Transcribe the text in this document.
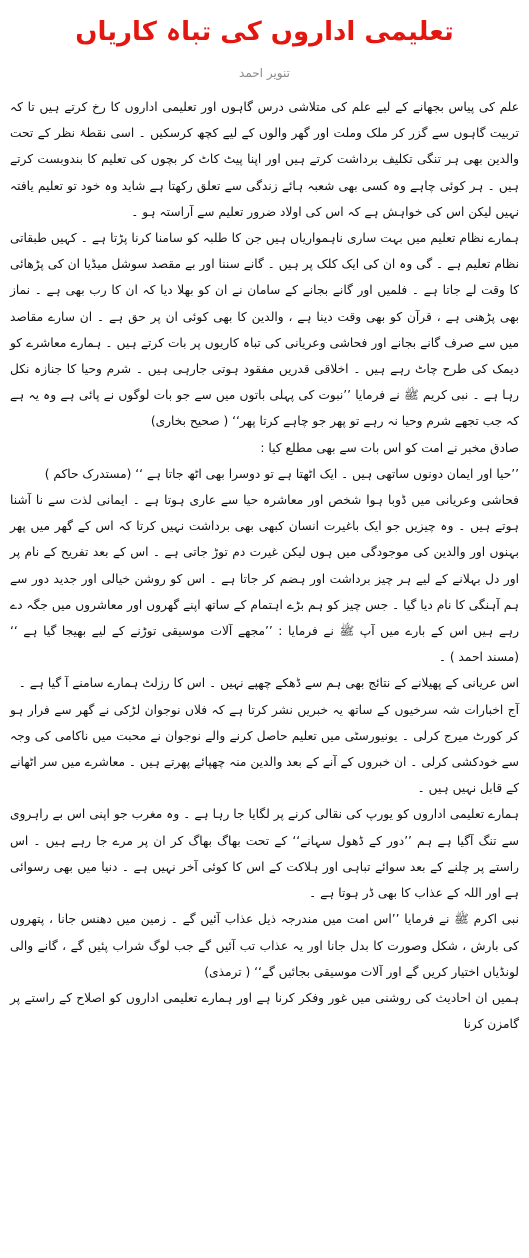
تعلیمی اداروں کی تباہ کاریاں
تنویر احمد

علم کی پیاس بجھانے کے لیے علم کی متلاشی درس گاہوں اور تعلیمی اداروں کا رخ کرتے ہیں تا کہ تربیت گاہوں سے گزر کر ملک وملت اور گھر والوں کے لیے کچھ کرسکیں ۔ اسی نقطۂ نظر کے تحت والدین بھی ہر تنگی تکلیف برداشت کرتے ہیں اور اپنا پیٹ کاٹ کر بچوں کی تعلیم کا بندوبست کرتے ہیں ۔ ہر کوئی چاہے وہ کسی بھی شعبہ ہائے زندگی سے تعلق رکھتا ہے شاید وہ خود تو تعلیم یافتہ نہیں لیکن اس کی خواہش ہے کہ اس کی اولاد ضرور تعلیم سے آراستہ ہو ۔

ہمارے نظام تعلیم میں بہت ساری ناہمواریاں ہیں جن کا طلبہ کو سامنا کرنا پڑتا ہے ۔ کہیں طبقاتی نظام تعلیم ہے ۔ گی وہ ان کی ایک کلک پر ہیں ۔ گانے سننا اور بے مقصد سوشل میڈیا ان کی پڑھائی کا وقت لے جاتا ہے ۔ فلمیں اور گانے بجانے کے سامان نے ان کو بھلا دیا کہ ان کا رب بھی ہے ۔ نماز بھی پڑھنی ہے ، قرآن کو بھی وقت دینا ہے ، والدین کا بھی کوئی ان پر حق ہے ۔ ان سارے مقاصد میں سے صرف گانے بجانے اور فحاشی وعریانی کی تباہ کاریوں پر بات کرتے ہیں ۔ ہمارے معاشرے کو دیمک کی طرح چاٹ رہے ہیں ۔ اخلاقی قدریں مفقود ہوتی جارہی ہیں ۔ شرم وحیا کا جنازہ نکل رہا ہے ۔ نبی کریم ﷺ نے فرمایا ’’نبوت کی پہلی باتوں میں سے جو بات لوگوں نے پائی ہے وہ یہ ہے کہ جب تجھے شرم وحیا نہ رہے تو پھر جو چاہے کرتا پھر‘‘ ( صحیح بخاری)

صادق مخبر نے امت کو اس بات سے بھی مطلع کیا :

’’حیا اور ایمان دونوں ساتھی ہیں ۔ ایک اٹھتا ہے تو دوسرا بھی اٹھ جاتا ہے ‘‘ (مستدرک حاکم )

فحاشی وعریانی میں ڈوبا ہوا شخص اور معاشرہ حیا سے عاری ہوتا ہے ۔ ایمانی لذت سے نا آشنا ہوتے ہیں ۔ وہ چیزیں جو ایک باغیرت انسان کبھی بھی برداشت نہیں کرتا کہ اس کے گھر میں پھر بہنوں اور والدین کی موجودگی میں ہوں لیکن غیرت دم توڑ جاتی ہے ۔ اس کے بعد تفریح کے نام پر اور دل بہلانے کے لیے ہر چیز برداشت اور ہضم کر جاتا ہے ۔ اس کو روشن خیالی اور جدید دور سے ہم آہنگی کا نام دیا گیا ۔ جس چیز کو ہم بڑے اہتمام کے ساتھ اپنے گھروں اور معاشروں میں جگہ دے رہے ہیں اس کے بارے میں آپ ﷺ نے فرمایا : ’’مجھے آلات موسیقی توڑنے کے لیے بھیجا گیا ہے ‘‘ (مسند احمد ) ۔

اس عریانی کے پھیلانے کے نتائج بھی ہم سے ڈھکے چھپے نہیں ۔ اس کا رزلٹ ہمارے سامنے آ گیا ہے ۔

آج اخبارات شہ سرخیوں کے ساتھ یہ خبریں نشر کرتا ہے کہ فلاں نوجوان لڑکی نے گھر سے فرار ہو کر کورٹ میرج کرلی ۔ یونیورسٹی میں تعلیم حاصل کرنے والے نوجوان نے محبت میں ناکامی کی وجہ سے خودکشی کرلی ۔ ان خبروں کے آنے کے بعد والدین منہ چھپائے پھرتے ہیں ۔ معاشرے میں سر اٹھانے کے قابل نہیں ہیں ۔

ہمارے تعلیمی اداروں کو یورپ کی نقالی کرنے پر لگایا جا رہا ہے ۔ وہ مغرب جو اپنی اس بے راہروی سے تنگ آگیا ہے ہم ’’دور کے ڈھول سہانے‘‘ کے تحت بھاگ بھاگ کر ان پر مرے جا رہے ہیں ۔ اس راستے پر چلنے کے بعد سوائے تباہی اور ہلاکت کے اس کا کوئی آخر نہیں ہے ۔ دنیا میں بھی رسوائی ہے اور اللہ کے عذاب کا بھی ڈر ہوتا ہے ۔

نبی اکرم ﷺ نے فرمایا ’’اس امت میں مندرجہ ذیل عذاب آئیں گے ۔ زمین میں دھنس جانا ، پتھروں کی بارش ، شکل وصورت کا بدل جانا اور یہ عذاب تب آئیں گے جب لوگ شراب پئیں گے ، گانے والی لونڈیاں اختیار کریں گے اور آلات موسیقی بجائیں گے‘‘ ( ترمذی)

ہمیں ان احادیث کی روشنی میں غور وفکر کرنا ہے اور ہمارے تعلیمی اداروں کو اصلاح کے راستے پر گامزن کرنا
